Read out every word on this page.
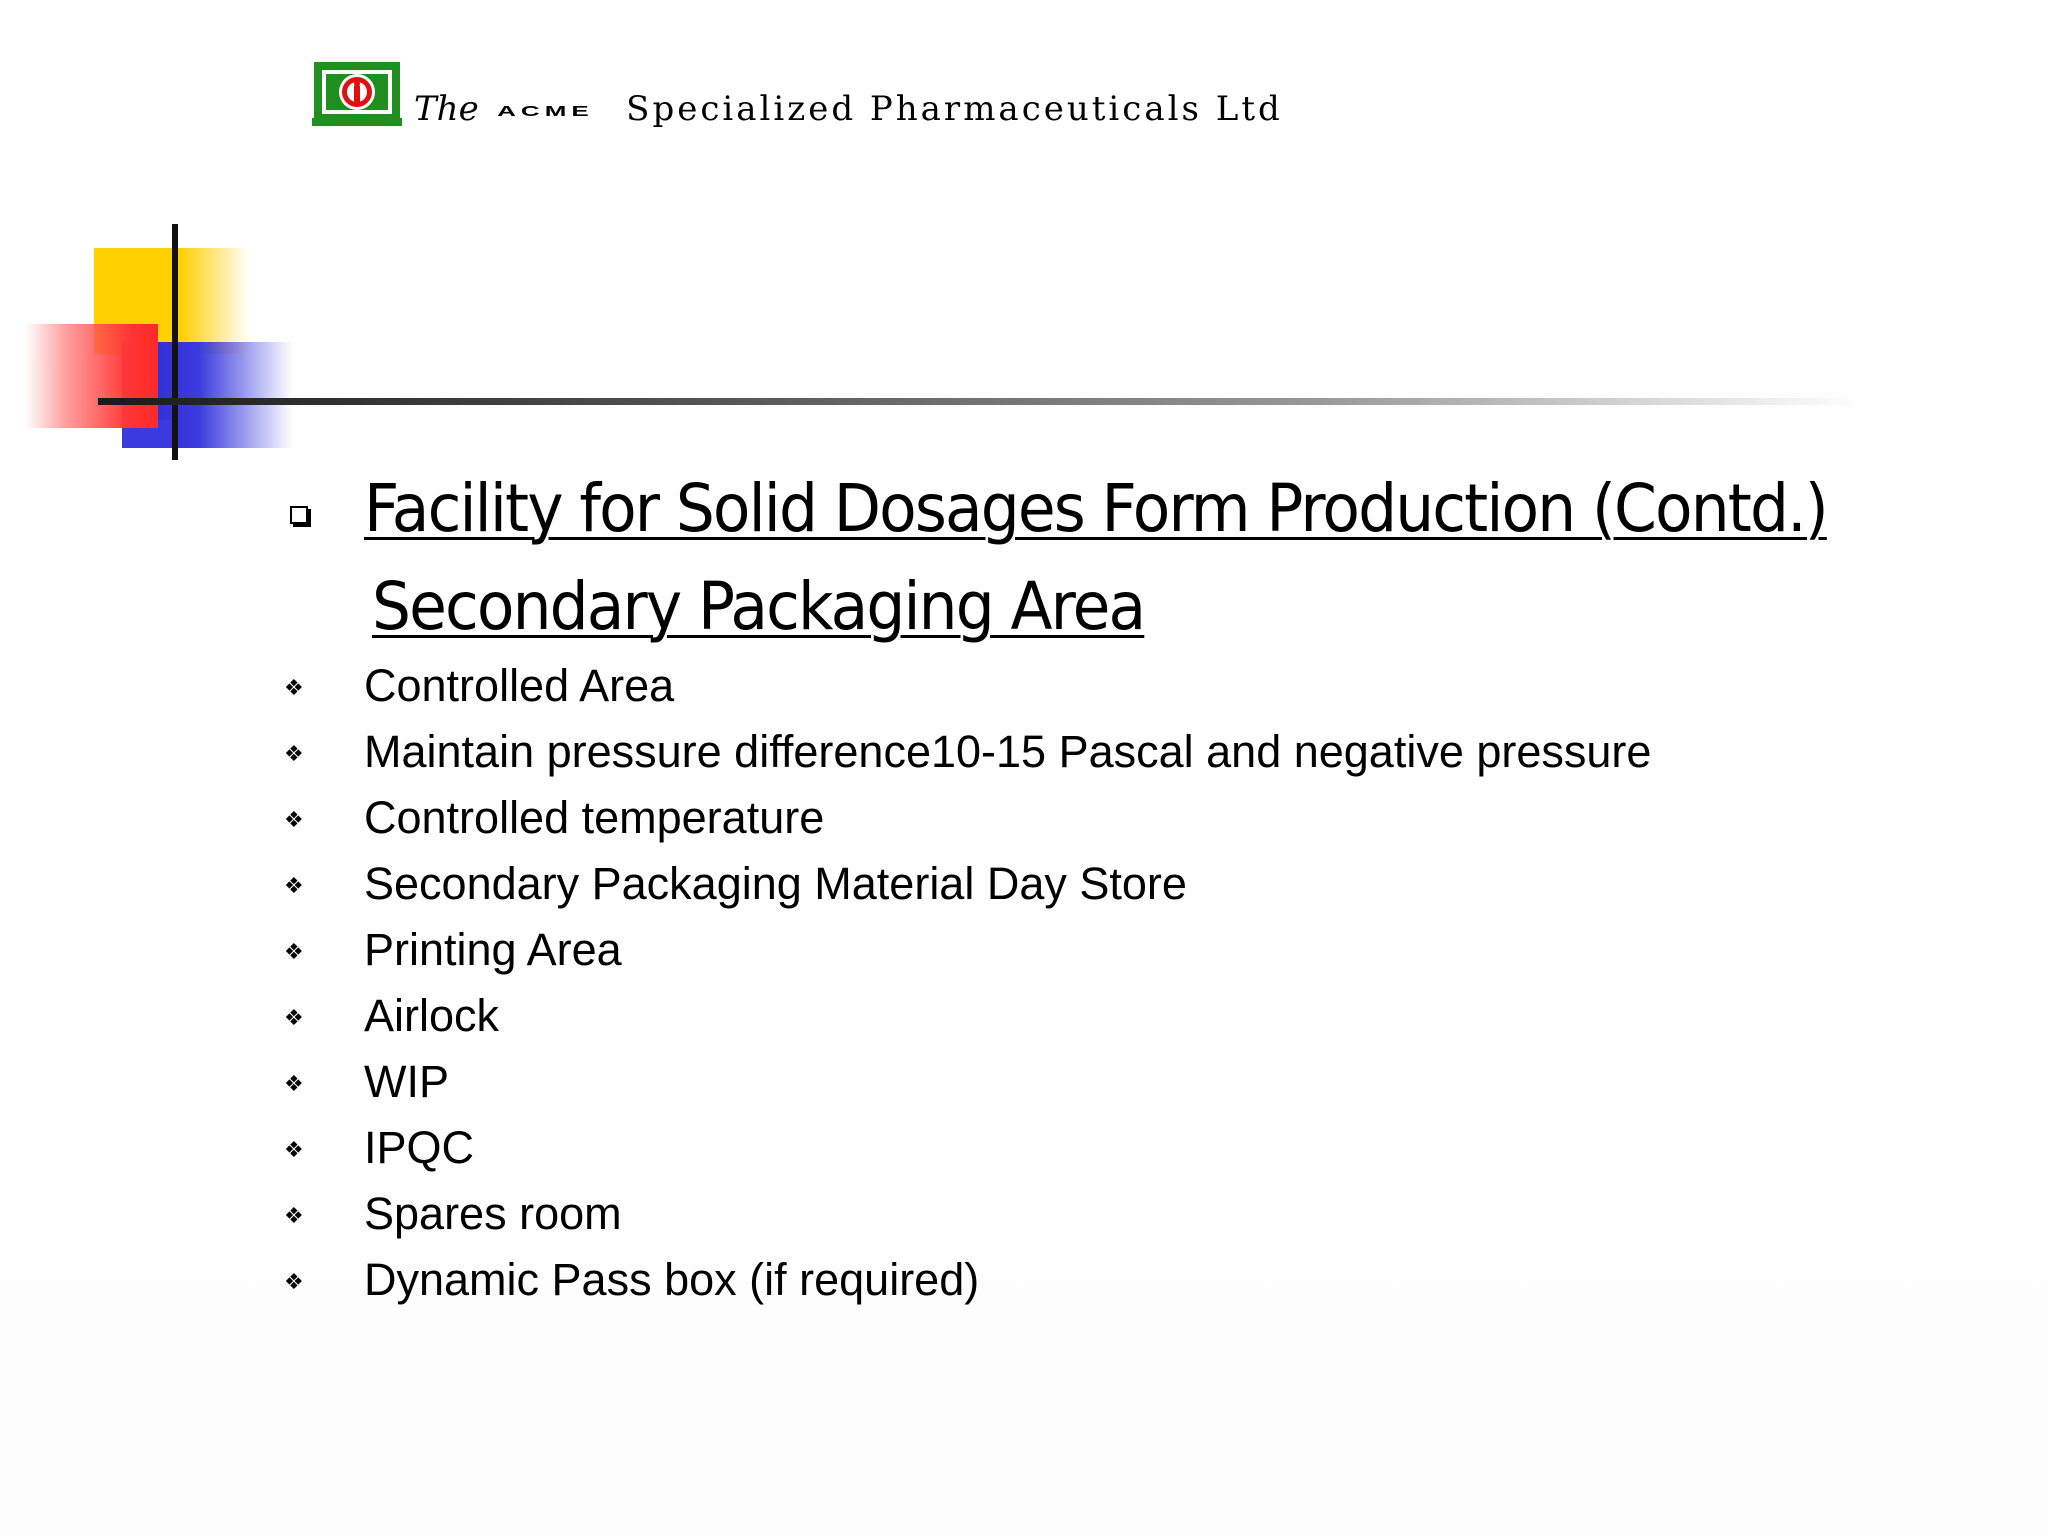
The ACME Specialized Pharmaceuticals Ltd
Facility for Solid Dosages Form Production (Contd.)
Secondary Packaging Area
❖ Controlled Area
❖ Maintain pressure difference10-15 Pascal and negative pressure
❖ Controlled temperature
❖ Secondary Packaging Material Day Store
❖ Printing Area
❖ Airlock
❖ WIP
❖ IPQC
❖ Spares room
❖ Dynamic Pass box (if required)
